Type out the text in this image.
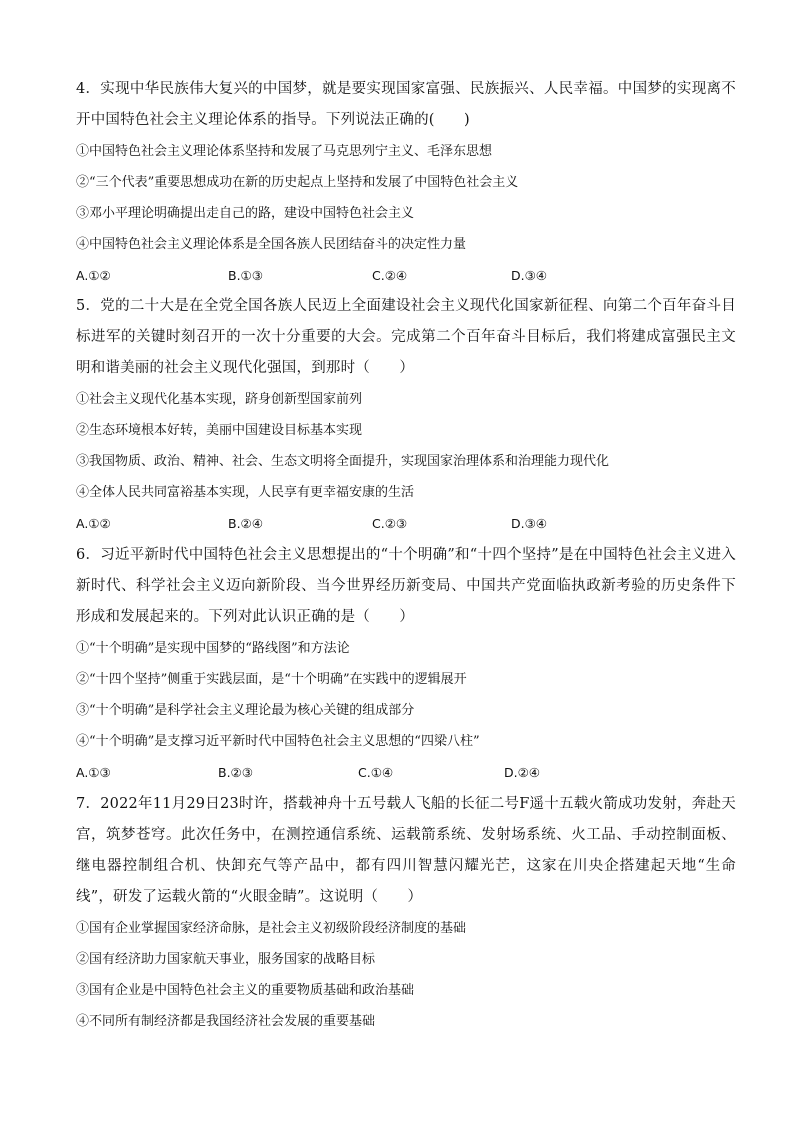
4．实现中华民族伟大复兴的中国梦，就是要实现国家富强、民族振兴、人民幸福。中国梦的实现离不开中国特色社会主义理论体系的指导。下列说法正确的(　　)

①中国特色社会主义理论体系坚持和发展了马克思列宁主义、毛泽东思想

②“三个代表”重要思想成功在新的历史起点上坚持和发展了中国特色社会主义

③邓小平理论明确提出走自己的路，建设中国特色社会主义

④中国特色社会主义理论体系是全国各族人民团结奋斗的决定性力量

A.①②	B.①③	C.②④	D.③④

5．党的二十大是在全党全国各族人民迈上全面建设社会主义现代化国家新征程、向第二个百年奋斗目标进军的关键时刻召开的一次十分重要的大会。完成第二个百年奋斗目标后，我们将建成富强民主文明和谐美丽的社会主义现代化强国，到那时（　　）

①社会主义现代化基本实现，跻身创新型国家前列

②生态环境根本好转，美丽中国建设目标基本实现

③我国物质、政治、精神、社会、生态文明将全面提升，实现国家治理体系和治理能力现代化

④全体人民共同富裕基本实现，人民享有更幸福安康的生活

A.①②	B.②④	C.②③	D.③④

6．习近平新时代中国特色社会主义思想提出的“十个明确”和“十四个坚持”是在中国特色社会主义进入新时代、科学社会主义迈向新阶段、当今世界经历新变局、中国共产党面临执政新考验的历史条件下形成和发展起来的。下列对此认识正确的是（　　）

①“十个明确”是实现中国梦的“路线图”和方法论

②“十四个坚持”侧重于实践层面，是“十个明确”在实践中的逻辑展开

③“十个明确”是科学社会主义理论最为核心关键的组成部分

④“十个明确”是支撑习近平新时代中国特色社会主义思想的“四梁八柱”

A.①③	B.②③	C.①④	D.②④

7．2022年11月29日23时许，搭载神舟十五号载人飞船的长征二号F遥十五载火箭成功发射，奔赴天宫，筑梦苍穹。此次任务中，在测控通信系统、运载箭系统、发射场系统、火工品、手动控制面板、继电器控制组合机、快卸充气等产品中，都有四川智慧闪耀光芒，这家在川央企搭建起天地“生命线”，研发了运载火箭的“火眼金睛”。这说明（　　）

①国有企业掌握国家经济命脉，是社会主义初级阶段经济制度的基础

②国有经济助力国家航天事业，服务国家的战略目标

③国有企业是中国特色社会主义的重要物质基础和政治基础

④不同所有制经济都是我国经济社会发展的重要基础
